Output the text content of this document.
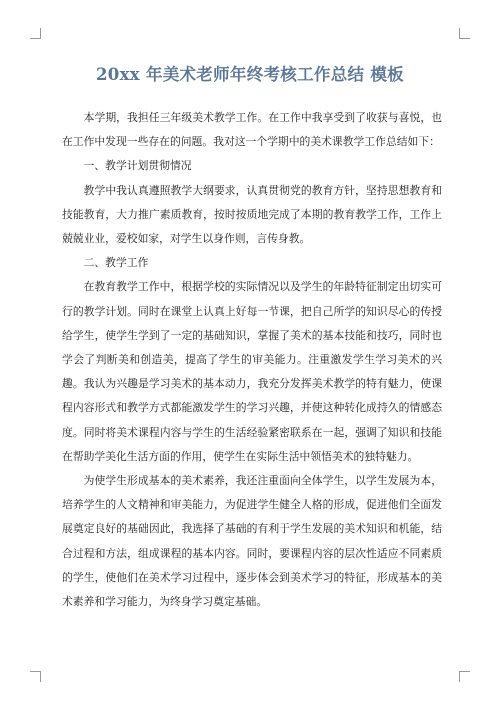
20xx 年美术老师年终考核工作总结 模板

本学期，我担任三年级美术教学工作。在工作中我享受到了收获与喜悦，也在工作中发现一些存在的问题。我对这一个学期中的美术课教学工作总结如下：

一、教学计划贯彻情况

教学中我认真遵照教学大纲要求，认真贯彻党的教育方针，坚持思想教育和技能教育，大力推广素质教育，按时按质地完成了本期的教育教学工作，工作上兢兢业业，爱校如家，对学生以身作则，言传身教。

二、教学工作

在教育教学工作中，根据学校的实际情况以及学生的年龄特征制定出切实可行的教学计划。同时在课堂上认真上好每一节课，把自己所学的知识尽心的传授给学生，使学生学到了一定的基础知识，掌握了美术的基本技能和技巧，同时也学会了判断美和创造美，提高了学生的审美能力。注重激发学生学习美术的兴趣。我认为兴趣是学习美术的基本动力，我充分发挥美术教学的特有魅力，使课程内容形式和教学方式都能激发学生的学习兴趣，并使这种转化成持久的情感态度。同时将美术课程内容与学生的生活经验紧密联系在一起，强调了知识和技能在帮助学美化生活方面的作用，使学生在实际生活中领悟美术的独特魅力。

为使学生形成基本的美术素养，我还注重面向全体学生，以学生发展为本，培养学生的人文精神和审美能力，为促进学生健全人格的形成，促进他们全面发展奠定良好的基础因此，我选择了基础的有利于学生发展的美术知识和机能，结合过程和方法，组成课程的基本内容。同时，要课程内容的层次性适应不同素质的学生，使他们在美术学习过程中，逐步体会到美术学习的特征，形成基本的美术素养和学习能力，为终身学习奠定基础。
